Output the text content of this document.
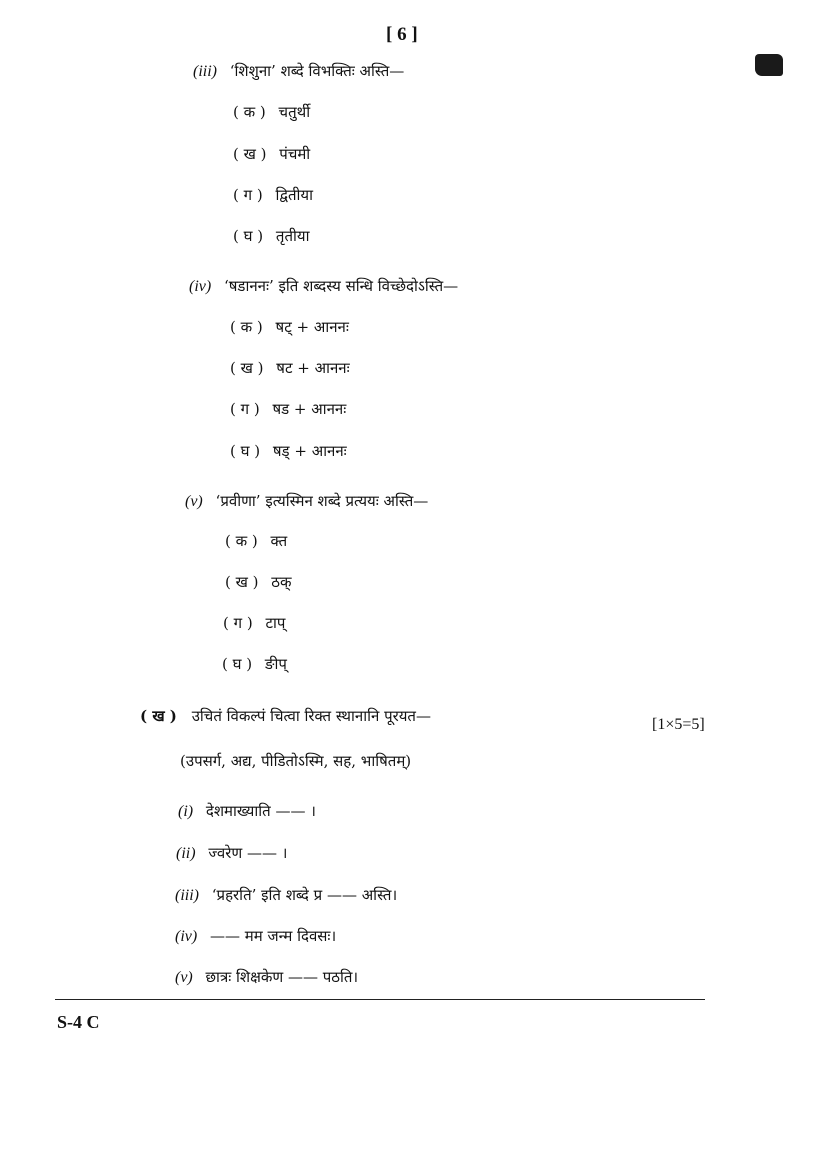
[ 6 ]
(iii) ‘शिशुना’ शब्दे विभक्तिः अस्ति—
( क ) चतुर्थी
( ख ) पंचमी
( ग ) द्वितीया
( घ ) तृतीया
(iv) ‘षडाननः’ इति शब्दस्य सन्धि विच्छेदोऽस्ति—
( क ) षट् + आननः
( ख ) षट + आननः
( ग ) षड + आननः
( घ ) षड् + आननः
(v) ‘प्रवीणा’ इत्यस्मिन शब्दे प्रत्ययः अस्ति—
( क ) क्त
( ख ) ठक्
( ग ) टाप्
( घ ) ङीप्
( ख ) उचितं विकल्पं चित्वा रिक्त स्थानानि पूरयत—	[1×5=5]
(उपसर्ग, अद्य, पीडितोऽस्मि, सह, भाषितम्)
(i) देशमाख्याति —— ।
(ii) ज्वरेण —— ।
(iii) ‘प्रहरति’ इति शब्दे प्र —— अस्ति।
(iv) —— मम जन्म दिवसः।
(v) छात्रः शिक्षकेण —— पठति।
S-4 C
